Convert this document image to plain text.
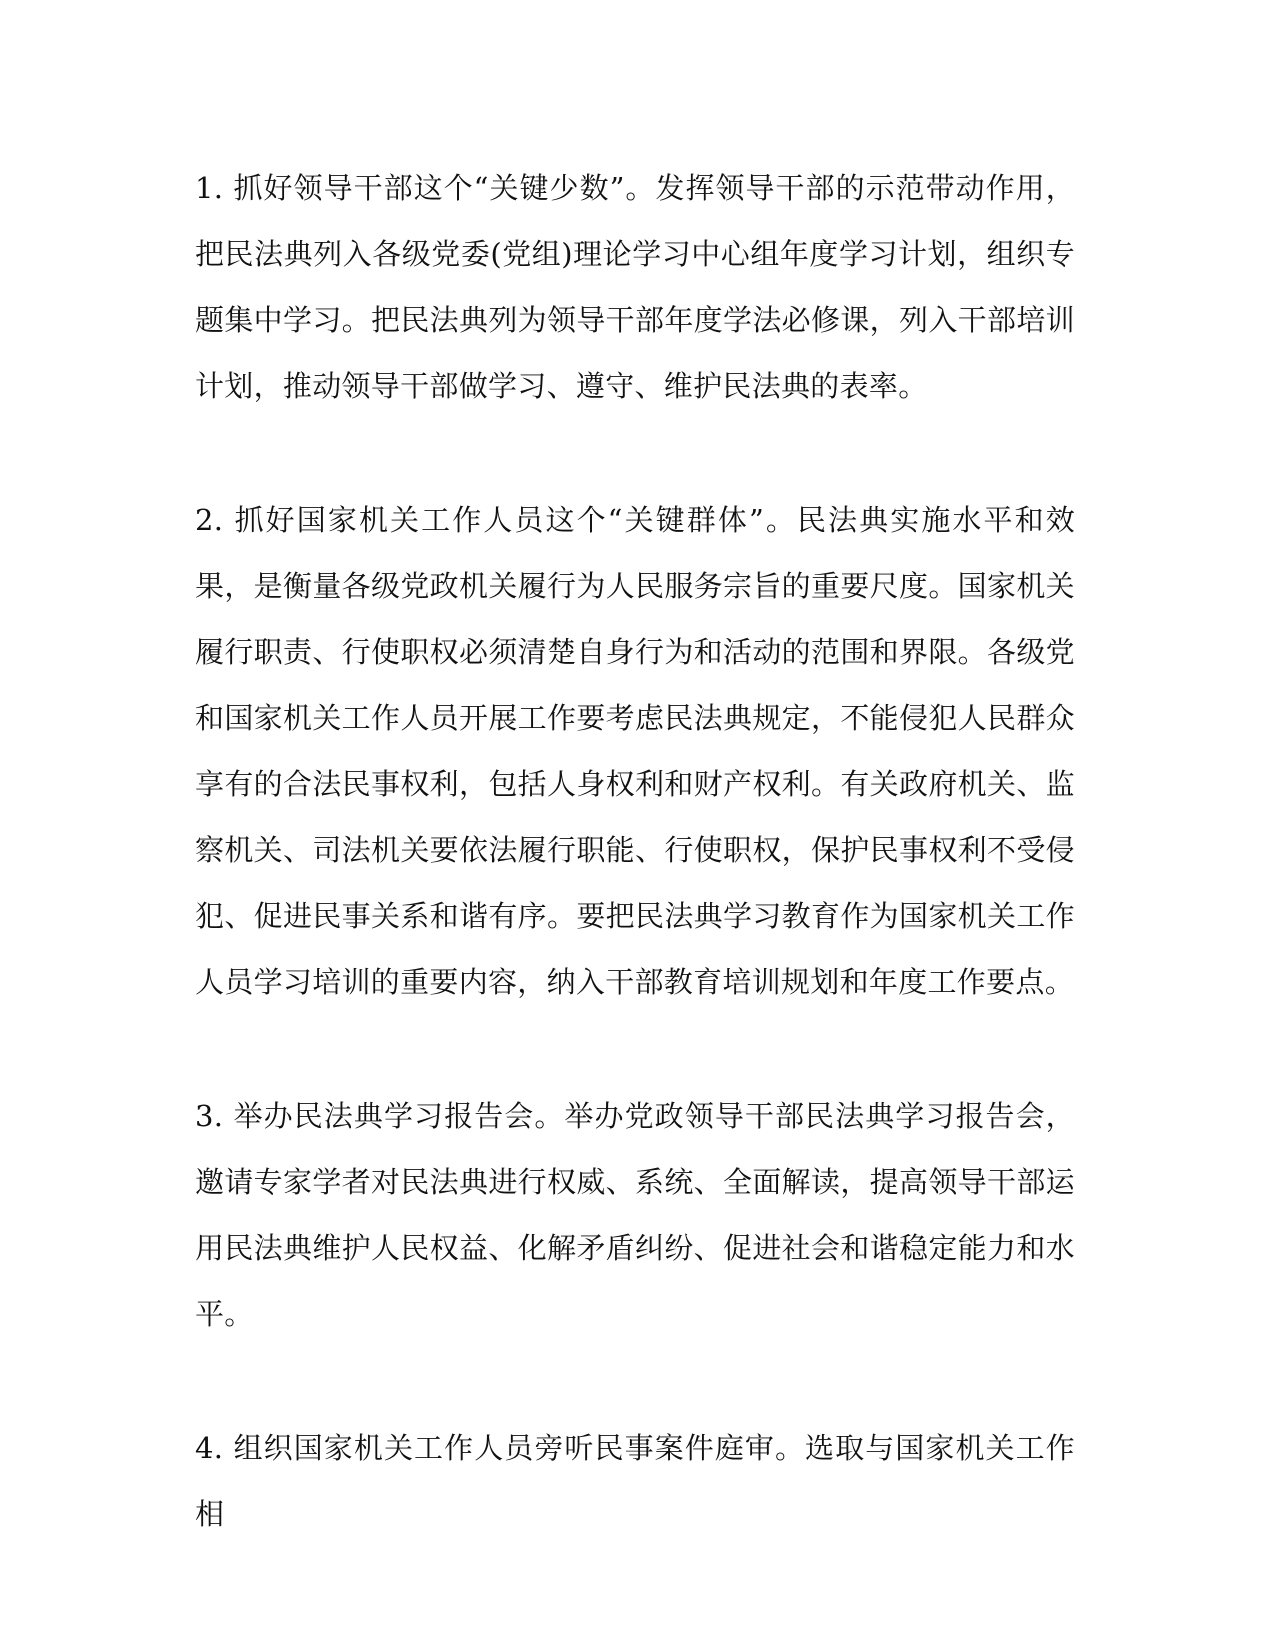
1. 抓好领导干部这个“关键少数”。发挥领导干部的示范带动作用，把民法典列入各级党委(党组)理论学习中心组年度学习计划，组织专题集中学习。把民法典列为领导干部年度学法必修课，列入干部培训计划，推动领导干部做学习、遵守、维护民法典的表率。

2. 抓好国家机关工作人员这个“关键群体”。民法典实施水平和效果，是衡量各级党政机关履行为人民服务宗旨的重要尺度。国家机关履行职责、行使职权必须清楚自身行为和活动的范围和界限。各级党和国家机关工作人员开展工作要考虑民法典规定，不能侵犯人民群众享有的合法民事权利，包括人身权利和财产权利。有关政府机关、监察机关、司法机关要依法履行职能、行使职权，保护民事权利不受侵犯、促进民事关系和谐有序。要把民法典学习教育作为国家机关工作人员学习培训的重要内容，纳入干部教育培训规划和年度工作要点。

3. 举办民法典学习报告会。举办党政领导干部民法典学习报告会，邀请专家学者对民法典进行权威、系统、全面解读，提高领导干部运用民法典维护人民权益、化解矛盾纠纷、促进社会和谐稳定能力和水平。

4. 组织国家机关工作人员旁听民事案件庭审。选取与国家机关工作相
